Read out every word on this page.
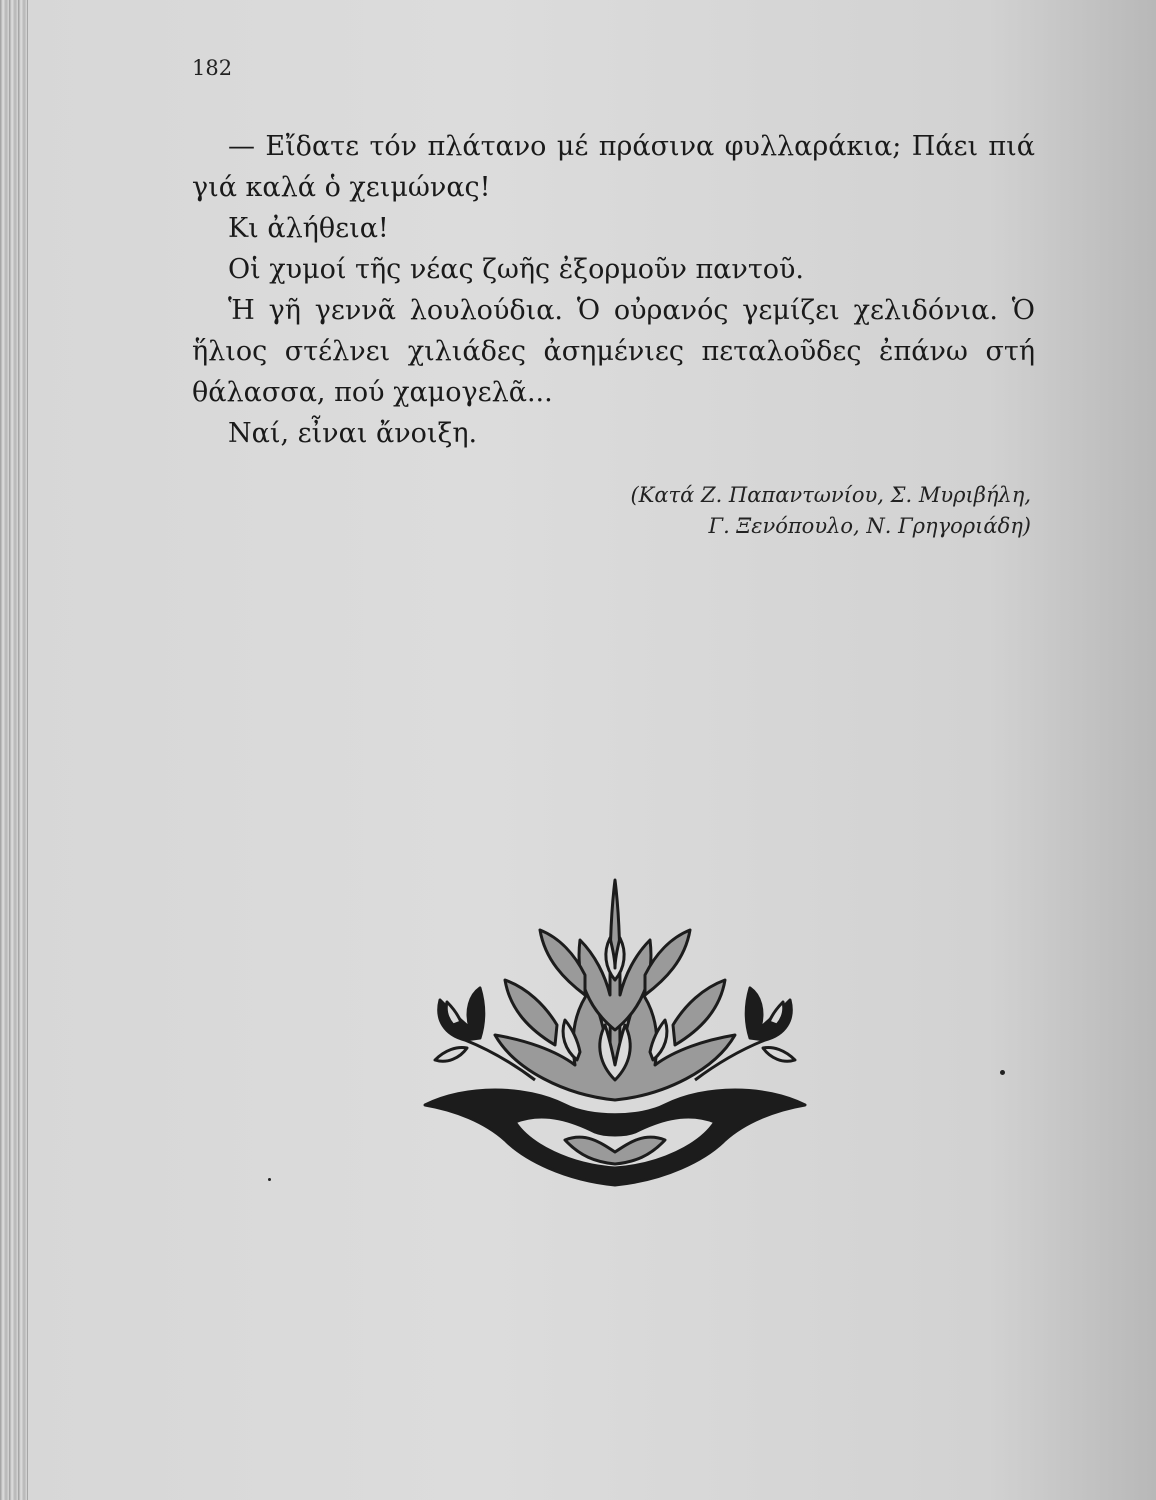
182

— Εἴδατε τόν πλάτανο μέ πράσινα φυλλαράκια; Πάει πιά γιά καλά ὁ χειμώνας!

Κι ἀλήθεια!

Οἱ χυμοί τῆς νέας ζωῆς ἐξορμοῦν παντοῦ.

Ἡ γῆ γεννᾶ λουλούδια. Ὁ οὐρανός γεμίζει χελιδόνια. Ὁ ἥλιος στέλνει χιλιάδες ἀσημένιες πεταλοῦδες ἐπάνω στή θάλασσα, πού χαμογελᾶ...

Ναί, εἶναι ἄνοιξη.

(Κατά Ζ. Παπαντωνίου, Σ. Μυριβήλη,
Γ. Ξενόπουλο, Ν. Γρηγοριάδη)
